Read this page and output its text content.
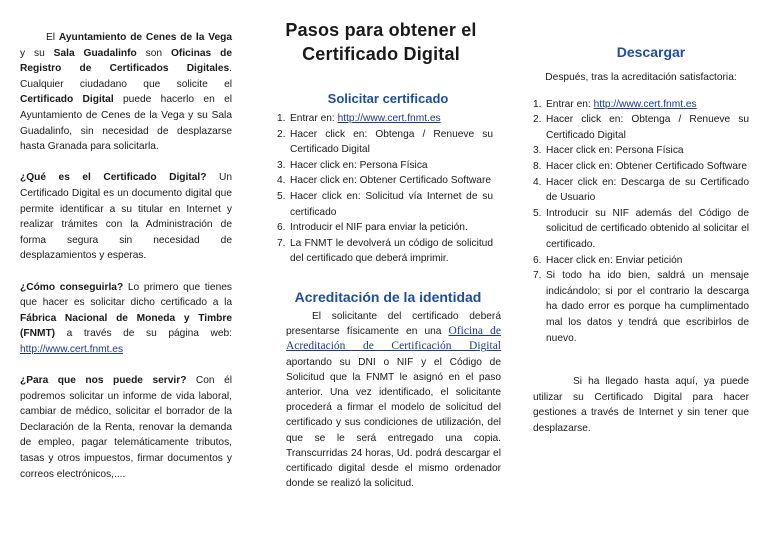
El Ayuntamiento de Cenes de la Vega y su Sala Guadalinfo son Oficinas de Registro de Certificados Digitales. Cualquier ciudadano que solicite el Certificado Digital puede hacerlo en el Ayuntamiento de Cenes de la Vega y su Sala Guadalinfo, sin necesidad de desplazarse hasta Granada para solicitarla.

¿Qué es el Certificado Digital? Un Certificado Digital es un documento digital que permite identificar a su titular en Internet y realizar trámites con la Administración de forma segura sin necesidad de desplazamientos y esperas.

¿Cómo conseguirla? Lo primero que tienes que hacer es solicitar dicho certificado a la Fábrica Nacional de Moneda y Timbre (FNMT) a través de su página web: http://www.cert.fnmt.es

¿Para que nos puede servir? Con él podremos solicitar un informe de vida laboral, cambiar de médico, solicitar el borrador de la Declaración de la Renta, renovar la demanda de empleo, pagar telemáticamente tributos, tasas y otros impuestos, firmar documentos y correos electrónicos,....

Pasos para obtener el Certificado Digital
Solicitar certificado
1. Entrar en: http://www.cert.fnmt.es
2. Hacer click en: Obtenga / Renueve su Certificado Digital
3. Hacer click en: Persona Física
4. Hacer click en: Obtener Certificado Software
5. Hacer click en: Solicitud vía Internet de su certificado
6. Introducir el NIF para enviar la petición.
7. La FNMT le devolverá un código de solicitud del certificado que deberá imprimir.
Acreditación de la identidad

El solicitante del certificado deberá presentarse físicamente en una Oficina de Acreditación de Certificación Digital aportando su DNI o NIF y el Código de Solicitud que la FNMT le asignó en el paso anterior. Una vez identificado, el solicitante procederá a firmar el modelo de solicitud del certificado y sus condiciones de utilización, del que se le será entregado una copia. Transcurridas 24 horas, Ud. podrá descargar el certificado digital desde el mismo ordenador donde se realizó la solicitud.

Descargar
Después, tras la acreditación satisfactoria:
1. Entrar en: http://www.cert.fnmt.es
2. Hacer click en: Obtenga / Renueve su Certificado Digital
3. Hacer click en: Persona Física
8. Hacer click en: Obtener Certificado Software
4. Hacer click en: Descarga de su Certificado de Usuario
5. Introducir su NIF además del Código de solicitud de certificado obtenido al solicitar el certificado.
6. Hacer click en: Enviar petición
7. Si todo ha ido bien, saldrá un mensaje indicándolo; si por el contrario la descarga ha dado error es porque ha cumplimentado mal los datos y tendrá que escribirlos de nuevo.

Si ha llegado hasta aquí, ya puede utilizar su Certificado Digital para hacer gestiones a través de Internet y sin tener que desplazarse.
